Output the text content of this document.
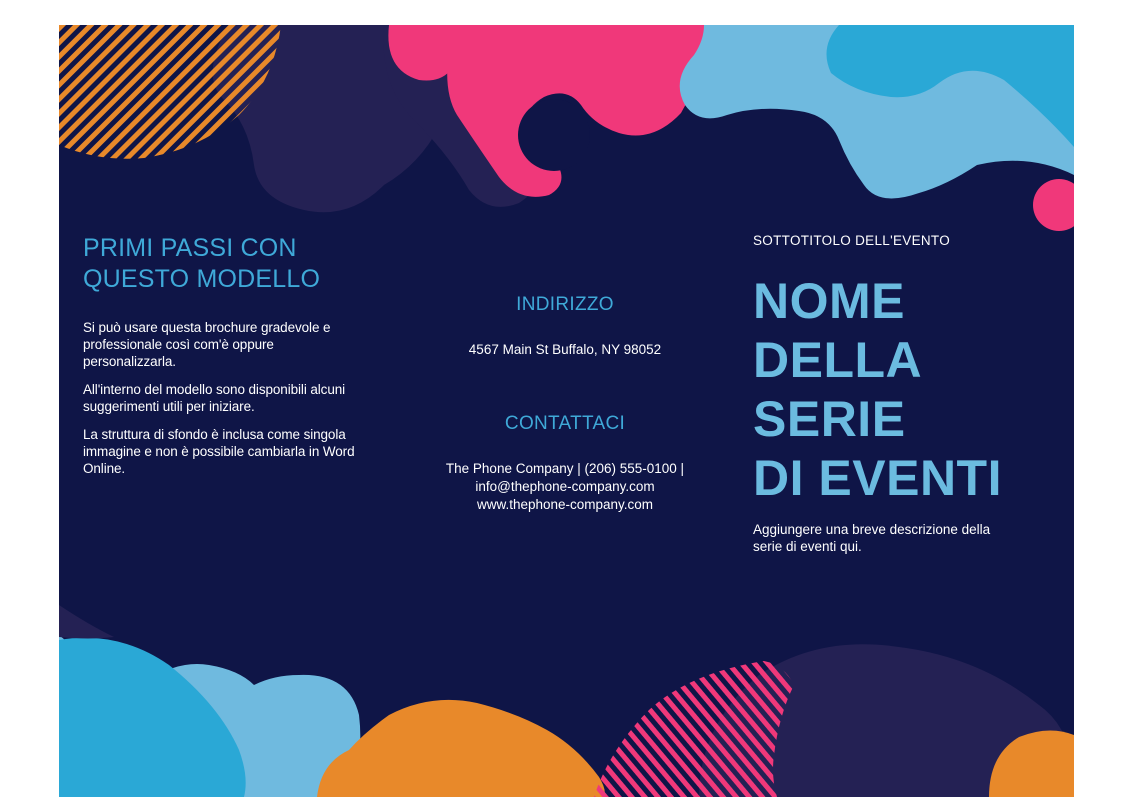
PRIMI PASSI CON
QUESTO MODELLO

Si può usare questa brochure gradevole e professionale così com'è oppure personalizzarla.

All'interno del modello sono disponibili alcuni suggerimenti utili per iniziare.

La struttura di sfondo è inclusa come singola immagine e non è possibile cambiarla in Word Online.

INDIRIZZO

4567 Main St Buffalo, NY 98052

CONTATTACI
The Phone Company | (206) 555-0100 |
info@thephone-company.com
www.thephone-company.com
SOTTOTITOLO DELL'EVENTO
NOME
DELLA
SERIE
DI EVENTI
Aggiungere una breve descrizione della serie di eventi qui.
